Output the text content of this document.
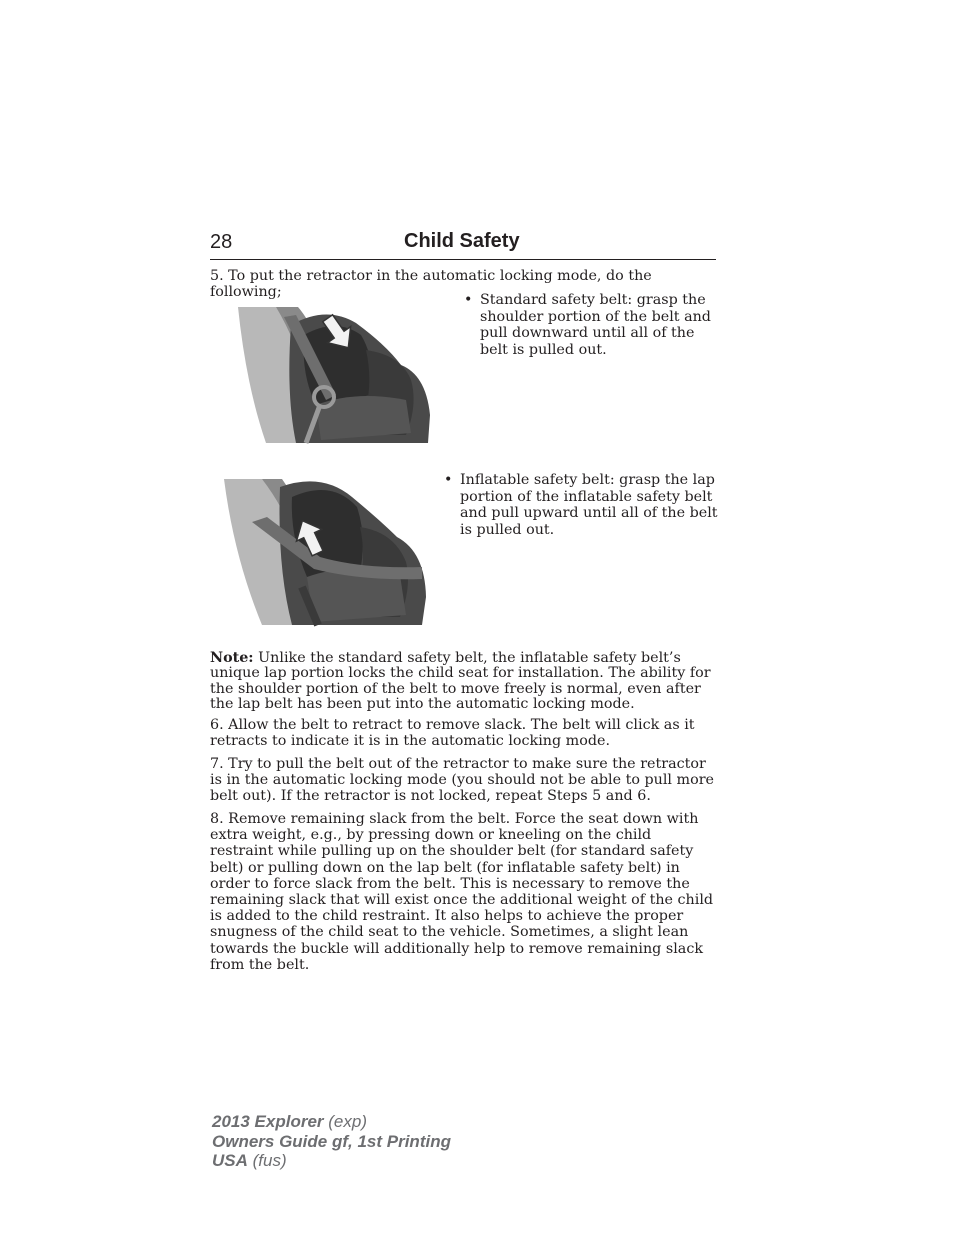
28	Child Safety
5. To put the retractor in the automatic locking mode, do the following;	• Standard safety belt: grasp the shoulder portion of the belt and pull downward until all of the belt is pulled out.
• Inflatable safety belt: grasp the lap portion of the inflatable safety belt and pull upward until all of the belt is pulled out.
Note: Unlike the standard safety belt, the inflatable safety belt’s unique lap portion locks the child seat for installation. The ability for the shoulder portion of the belt to move freely is normal, even after the lap belt has been put into the automatic locking mode.
6. Allow the belt to retract to remove slack. The belt will click as it retracts to indicate it is in the automatic locking mode.
7. Try to pull the belt out of the retractor to make sure the retractor is in the automatic locking mode (you should not be able to pull more belt out). If the retractor is not locked, repeat Steps 5 and 6.
8. Remove remaining slack from the belt. Force the seat down with extra weight, e.g., by pressing down or kneeling on the child restraint while pulling up on the shoulder belt (for standard safety belt) or pulling down on the lap belt (for inflatable safety belt) in order to force slack from the belt. This is necessary to remove the remaining slack that will exist once the additional weight of the child is added to the child restraint. It also helps to achieve the proper snugness of the child seat to the vehicle. Sometimes, a slight lean towards the buckle will additionally help to remove remaining slack from the belt.
2013 Explorer (exp)
Owners Guide gf, 1st Printing
USA (fus)
